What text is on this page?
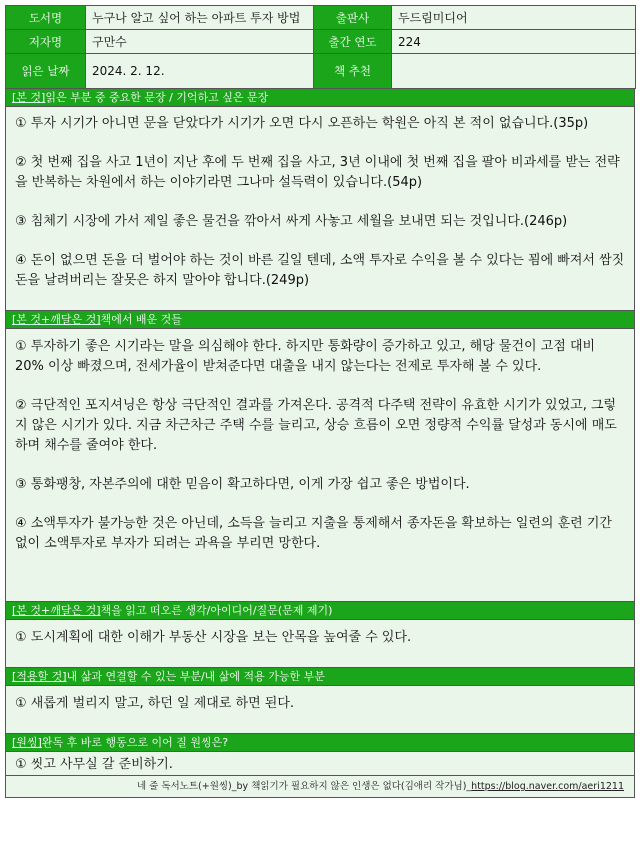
도서명	누구나 알고 싶어 하는 아파트 투자 방법	출판사	두드림미디어
저자명	구만수	출간 연도	224
읽은 날짜	2024. 2. 12.	책 추천	
[본 것]읽은 부분 중 중요한 문장 / 기억하고 싶은 문장
① 투자 시기가 아니면 문을 닫았다가 시기가 오면 다시 오픈하는 학원은 아직 본 적이 없습니다.(35p)
② 첫 번째 집을 사고 1년이 지난 후에 두 번째 집을 사고, 3년 이내에 첫 번째 집을 팔아 비과세를 받는 전략을 반복하는 차원에서 하는 이야기라면 그나마 설득력이 있습니다.(54p)
③ 침체기 시장에 가서 제일 좋은 물건을 깎아서 싸게 사놓고 세월을 보내면 되는 것입니다.(246p)
④ 돈이 없으면 돈을 더 벌어야 하는 것이 바른 길일 텐데, 소액 투자로 수익을 볼 수 있다는 꾐에 빠져서 쌈짓돈을 날려버리는 잘못은 하지 말아야 합니다.(249p)
[본 것+깨달은 것]책에서 배운 것들
① 투자하기 좋은 시기라는 말을 의심해야 한다. 하지만 통화량이 증가하고 있고, 해당 물건이 고점 대비 20% 이상 빠졌으며, 전세가율이 받쳐준다면 대출을 내지 않는다는 전제로 투자해 볼 수 있다.
② 극단적인 포지셔닝은 항상 극단적인 결과를 가져온다. 공격적 다주택 전략이 유효한 시기가 있었고, 그렇지 않은 시기가 있다. 지금 차근차근 주택 수를 늘리고, 상승 흐름이 오면 정량적 수익률 달성과 동시에 매도하며 채수를 줄여야 한다.
③ 통화팽창, 자본주의에 대한 믿음이 확고하다면, 이게 가장 쉽고 좋은 방법이다.
④ 소액투자가 불가능한 것은 아닌데, 소득을 늘리고 지출을 통제해서 종자돈을 확보하는 일련의 훈련 기간 없이 소액투자로 부자가 되려는 과욕을 부리면 망한다.
[본 것+깨달은 것]책을 읽고 떠오른 생각/아이디어/질문(문제 제기)
① 도시계획에 대한 이해가 부동산 시장을 보는 안목을 높여줄 수 있다.
[적용할 것]내 삶과 연결할 수 있는 부분/내 삶에 적용 가능한 부분
① 새롭게 벌리지 말고, 하던 일 제대로 하면 된다.
[원씽]완독 후 바로 행동으로 이어 질 원씽은?
① 씻고 사무실 갈 준비하기.
네 줄 독서노트(+원씽)_by 책읽기가 필요하지 않은 인생은 없다(김애리 작가님)_https://blog.naver.com/aeri1211
